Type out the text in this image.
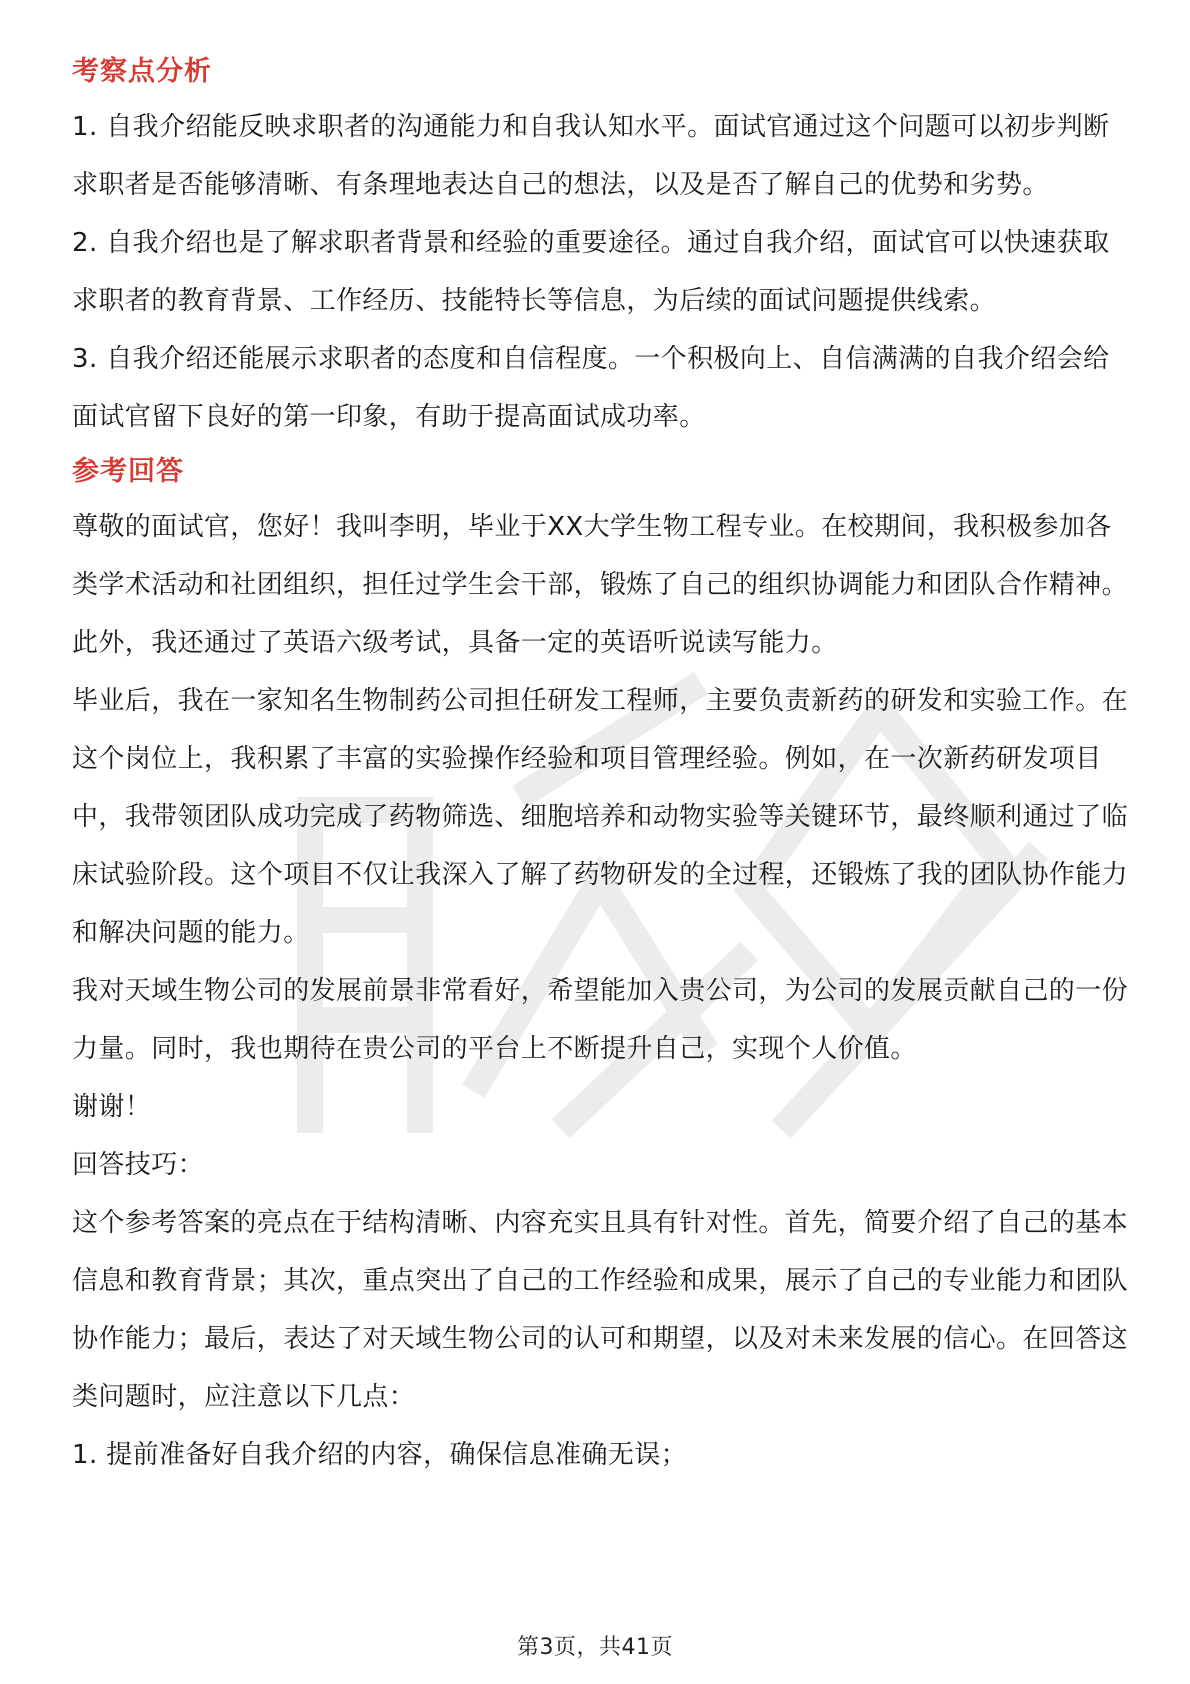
考察点分析

1. 自我介绍能反映求职者的沟通能力和自我认知水平。面试官通过这个问题可以初步判断求职者是否能够清晰、有条理地表达自己的想法，以及是否了解自己的优势和劣势。

2. 自我介绍也是了解求职者背景和经验的重要途径。通过自我介绍，面试官可以快速获取求职者的教育背景、工作经历、技能特长等信息，为后续的面试问题提供线索。

3. 自我介绍还能展示求职者的态度和自信程度。一个积极向上、自信满满的自我介绍会给面试官留下良好的第一印象，有助于提高面试成功率。

参考回答

尊敬的面试官，您好！我叫李明，毕业于XX大学生物工程专业。在校期间，我积极参加各类学术活动和社团组织，担任过学生会干部，锻炼了自己的组织协调能力和团队合作精神。此外，我还通过了英语六级考试，具备一定的英语听说读写能力。

毕业后，我在一家知名生物制药公司担任研发工程师，主要负责新药的研发和实验工作。在这个岗位上，我积累了丰富的实验操作经验和项目管理经验。例如，在一次新药研发项目中，我带领团队成功完成了药物筛选、细胞培养和动物实验等关键环节，最终顺利通过了临床试验阶段。这个项目不仅让我深入了解了药物研发的全过程，还锻炼了我的团队协作能力和解决问题的能力。

我对天域生物公司的发展前景非常看好，希望能加入贵公司，为公司的发展贡献自己的一份力量。同时，我也期待在贵公司的平台上不断提升自己，实现个人价值。

谢谢！

回答技巧：

这个参考答案的亮点在于结构清晰、内容充实且具有针对性。首先，简要介绍了自己的基本信息和教育背景；其次，重点突出了自己的工作经验和成果，展示了自己的专业能力和团队协作能力；最后，表达了对天域生物公司的认可和期望，以及对未来发展的信心。在回答这类问题时，应注意以下几点：

1. 提前准备好自我介绍的内容，确保信息准确无误；

第3页，共41页
